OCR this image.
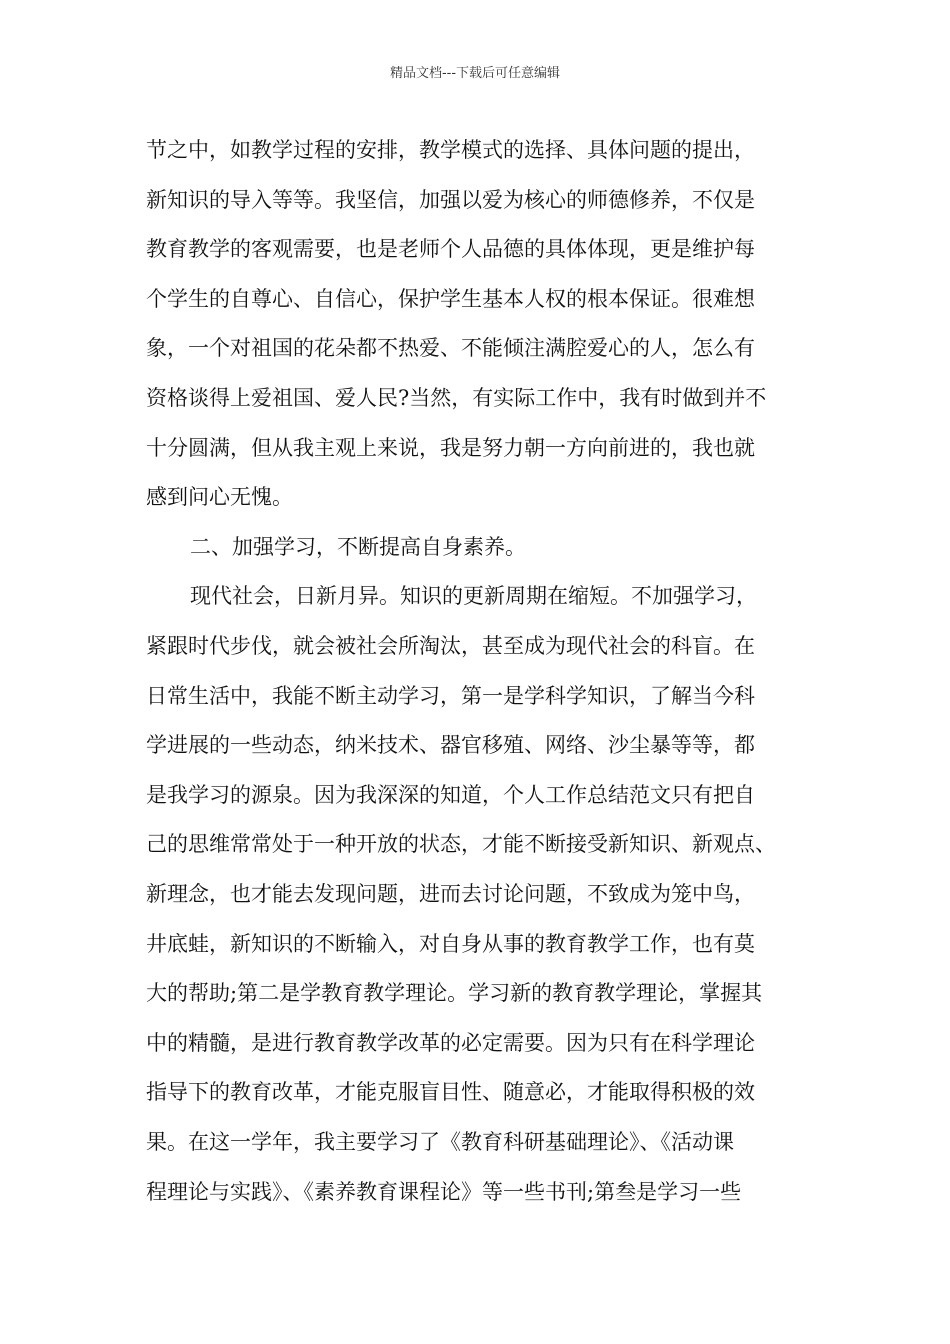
精品文档---下载后可任意编辑
节之中，如教学过程的安排，教学模式的选择、具体问题的提出，
新知识的导入等等。我坚信，加强以爱为核心的师德修养，不仅是
教育教学的客观需要，也是老师个人品德的具体体现，更是维护每
个学生的自尊心、自信心，保护学生基本人权的根本保证。很难想
象，一个对祖国的花朵都不热爱、不能倾注满腔爱心的人，怎么有
资格谈得上爱祖国、爱人民?当然，有实际工作中，我有时做到并不
十分圆满，但从我主观上来说，我是努力朝一方向前进的，我也就
感到问心无愧。
二、加强学习，不断提高自身素养。
现代社会，日新月异。知识的更新周期在缩短。不加强学习，
紧跟时代步伐，就会被社会所淘汰，甚至成为现代社会的科盲。在
日常生活中，我能不断主动学习，第一是学科学知识，了解当今科
学进展的一些动态，纳米技术、器官移殖、网络、沙尘暴等等，都
是我学习的源泉。因为我深深的知道，个人工作总结范文只有把自
己的思维常常处于一种开放的状态，才能不断接受新知识、新观点、
新理念，也才能去发现问题，进而去讨论问题，不致成为笼中鸟，
井底蛙，新知识的不断输入，对自身从事的教育教学工作，也有莫
大的帮助;第二是学教育教学理论。学习新的教育教学理论，掌握其
中的精髓，是进行教育教学改革的必定需要。因为只有在科学理论
指导下的教育改革，才能克服盲目性、随意必，才能取得积极的效
果。在这一学年，我主要学习了《教育科研基础理论》、《活动课
程理论与实践》、《素养教育课程论》等一些书刊;第叁是学习一些
